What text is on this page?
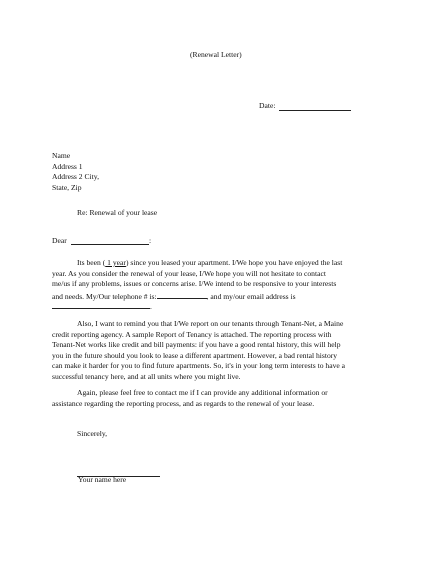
(Renewal Letter)
Date:
Name
Address 1
Address 2 City,
State, Zip
Re: Renewal of your lease
Dear	:
Its been ( 1 year) since you leased your apartment. I/We hope you have enjoyed the last
year. As you consider the renewal of your lease, I/We hope you will not hesitate to contact
me/us if any problems, issues or concerns arise. I/We intend to be responsive to your interests
and needs. My/Our telephone # is:	, and my/our email address is
.
Also, I want to remind you that I/We report on our tenants through Tenant-Net, a Maine
credit reporting agency. A sample Report of Tenancy is attached. The reporting process with
Tenant-Net works like credit and bill payments: if you have a good rental history, this will help
you in the future should you look to lease a different apartment. However, a bad rental history
can make it harder for you to find future apartments. So, it's in your long term interests to have a
successful tenancy here, and at all units where you might live.
Again, please feel free to contact me if I can provide any additional information or
assistance regarding the reporting process, and as regards to the renewal of your lease.
Sincerely,
Your name here
